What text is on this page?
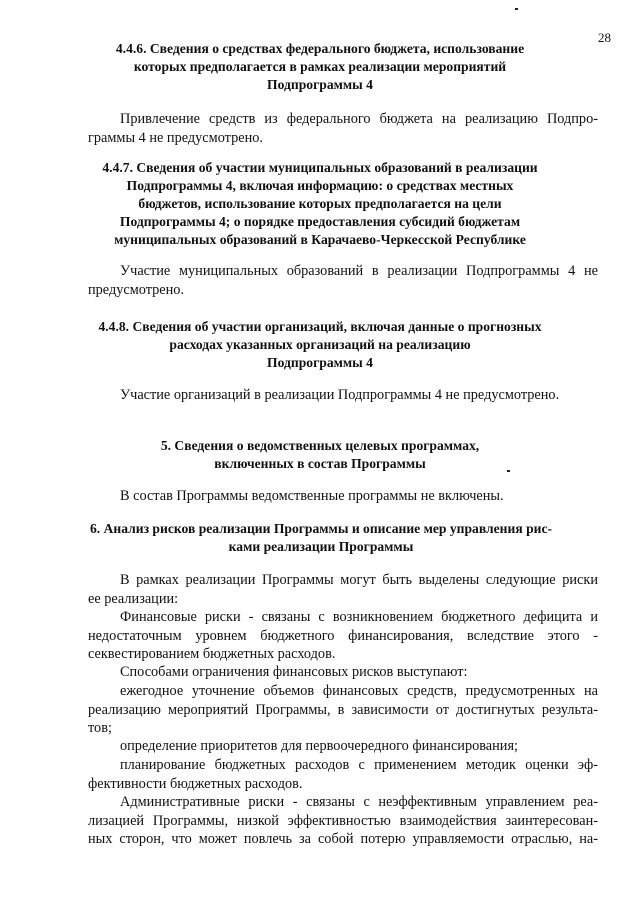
28
4.4.6. Сведения о средствах федерального бюджета, использование
которых предполагается в рамках реализации мероприятий
Подпрограммы 4
Привлечение средств из федерального бюджета на реализацию Подпро-
граммы 4 не предусмотрено.
4.4.7. Сведения об участии муниципальных образований в реализации
Подпрограммы 4, включая информацию: о средствах местных
бюджетов, использование которых предполагается на цели
Подпрограммы 4; о порядке предоставления субсидий бюджетам
муниципальных образований в Карачаево-Черкесской Республике
Участие муниципальных образований в реализации Подпрограммы 4 не
предусмотрено.
4.4.8. Сведения об участии организаций, включая данные о прогнозных
расходах указанных организаций на реализацию
Подпрограммы 4
Участие организаций в реализации Подпрограммы 4 не предусмотрено.
5. Сведения о ведомственных целевых программах,
включенных в состав Программы
В состав Программы ведомственные программы не включены.
6. Анализ рисков реализации Программы и описание мер управления рис-
ками реализации Программы
В рамках реализации Программы могут быть выделены следующие риски
ее реализации:
Финансовые риски - связаны с возникновением бюджетного дефицита и
недостаточным уровнем бюджетного финансирования, вследствие этого -
секвестированием бюджетных расходов.
Способами ограничения финансовых рисков выступают:
ежегодное уточнение объемов финансовых средств, предусмотренных на
реализацию мероприятий Программы, в зависимости от достигнутых результа-
тов;
определение приоритетов для первоочередного финансирования;
планирование бюджетных расходов с применением методик оценки эф-
фективности бюджетных расходов.
Административные риски - связаны с неэффективным управлением реа-
лизацией Программы, низкой эффективностью взаимодействия заинтересован-
ных сторон, что может повлечь за собой потерю управляемости отраслью, на-
